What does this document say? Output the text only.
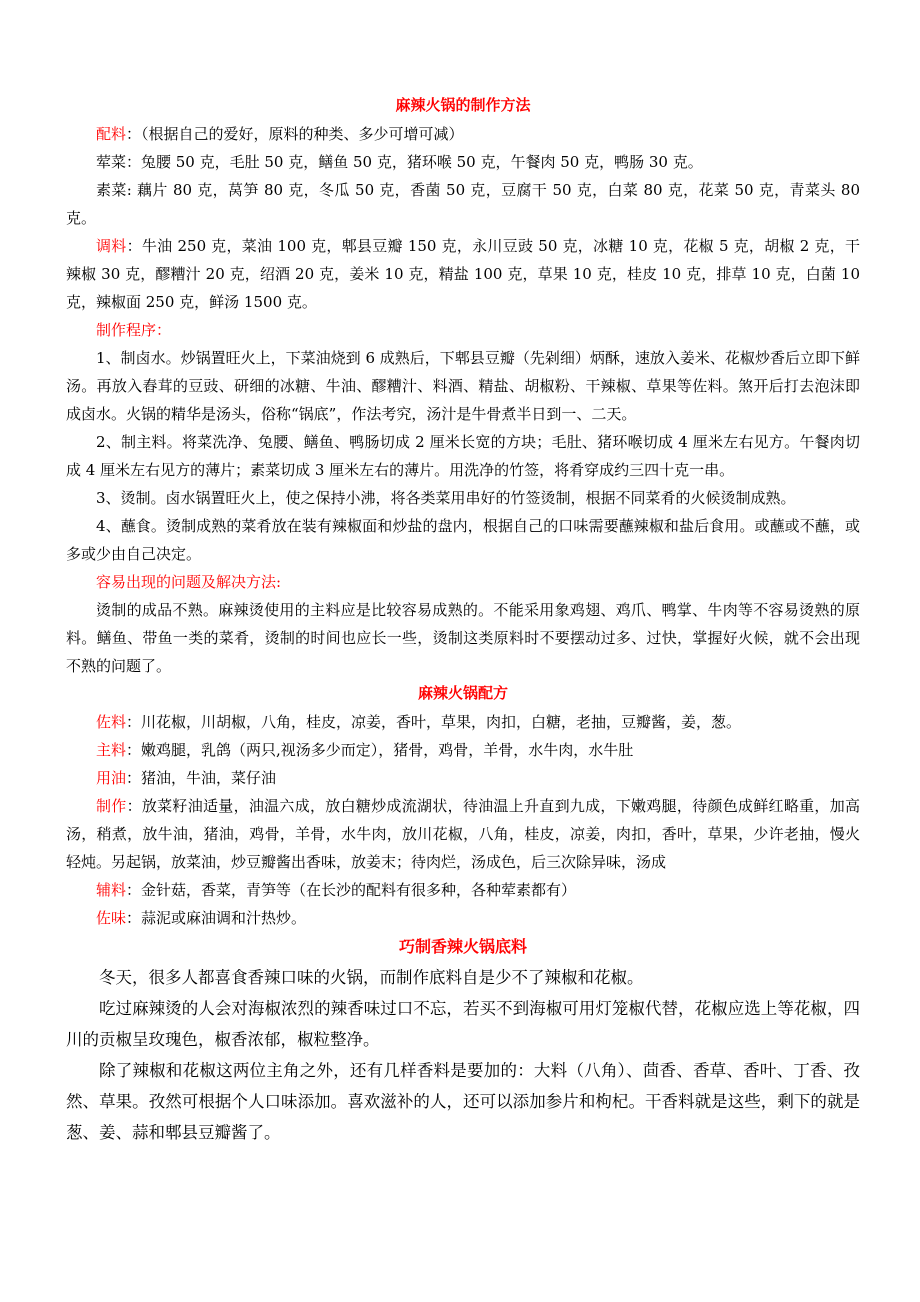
麻辣火锅的制作方法

配料：（根据自己的爱好，原料的种类、多少可增可减）

荤菜：兔腰 50 克，毛肚 50 克，鳝鱼 50 克，猪环喉 50 克，午餐肉 50 克，鸭肠 30 克。

素菜: 藕片 80 克，莴笋 80 克，冬瓜 50 克，香菌 50 克，豆腐干 50 克，白菜 80 克，花菜 50 克，青菜头 80 克。

调料：牛油 250 克，菜油 100 克，郫县豆瓣 150 克，永川豆豉 50 克，冰糖 10 克，花椒 5 克，胡椒 2 克，干辣椒 30 克，醪糟汁 20 克，绍酒 20 克，姜米 10 克，精盐 100 克，草果 10 克，桂皮 10 克，排草 10 克，白菌 10 克，辣椒面 250 克，鲜汤 1500 克。

制作程序：

1、制卤水。炒锅置旺火上，下菜油烧到 6 成熟后，下郫县豆瓣（先剁细）炳酥，速放入姜米、花椒炒香后立即下鲜汤。再放入舂茸的豆豉、研细的冰糖、牛油、醪糟汁、料酒、精盐、胡椒粉、干辣椒、草果等佐料。煞开后打去泡沫即成卤水。火锅的精华是汤头，俗称“锅底”，作法考究，汤汁是牛骨煮半日到一、二天。

2、制主料。将菜洗净、兔腰、鳝鱼、鸭肠切成 2 厘米长宽的方块；毛肚、猪环喉切成 4 厘米左右见方。午餐肉切成 4 厘米左右见方的薄片；素菜切成 3 厘米左右的薄片。用洗净的竹签，将肴穿成约三四十克一串。

3、烫制。卤水锅置旺火上，使之保持小沸，将各类菜用串好的竹签烫制，根据不同菜肴的火候烫制成熟。

4、蘸食。烫制成熟的菜肴放在装有辣椒面和炒盐的盘内，根据自己的口味需要蘸辣椒和盐后食用。或蘸或不蘸，或多或少由自己决定。

容易出现的问题及解决方法:

烫制的成品不熟。麻辣烫使用的主料应是比较容易成熟的。不能采用象鸡翅、鸡爪、鸭掌、牛肉等不容易烫熟的原料。鳝鱼、带鱼一类的菜肴，烫制的时间也应长一些，烫制这类原料时不要摆动过多、过快，掌握好火候，就不会出现不熟的问题了。

麻辣火锅配方

佐料：川花椒，川胡椒，八角，桂皮，凉姜，香叶，草果，肉扣，白糖，老抽，豆瓣酱，姜，葱。

主料：嫩鸡腿，乳鸽（两只,视汤多少而定），猪骨，鸡骨，羊骨，水牛肉，水牛肚

用油：猪油，牛油，菜仔油

制作：放菜籽油适量，油温六成，放白糖炒成流湖状，待油温上升直到九成，下嫩鸡腿，待颜色成鲜红略重，加高汤，稍煮，放牛油，猪油，鸡骨，羊骨，水牛肉，放川花椒，八角，桂皮，凉姜，肉扣，香叶，草果，少许老抽，慢火轻炖。另起锅，放菜油，炒豆瓣酱出香味，放姜末；待肉烂，汤成色，后三次除异味，汤成

辅料：金针菇，香菜，青笋等（在长沙的配料有很多种，各种荤素都有）

佐味：蒜泥或麻油调和汁热炒。

巧制香辣火锅底料

冬天，很多人都喜食香辣口味的火锅，而制作底料自是少不了辣椒和花椒。

吃过麻辣烫的人会对海椒浓烈的辣香味过口不忘，若买不到海椒可用灯笼椒代替，花椒应选上等花椒，四川的贡椒呈玫瑰色，椒香浓郁，椒粒整净。

除了辣椒和花椒这两位主角之外，还有几样香料是要加的：大料（八角）、茴香、香草、香叶、丁香、孜然、草果。孜然可根据个人口味添加。喜欢滋补的人，还可以添加参片和枸杞。干香料就是这些，剩下的就是葱、姜、蒜和郫县豆瓣酱了。
